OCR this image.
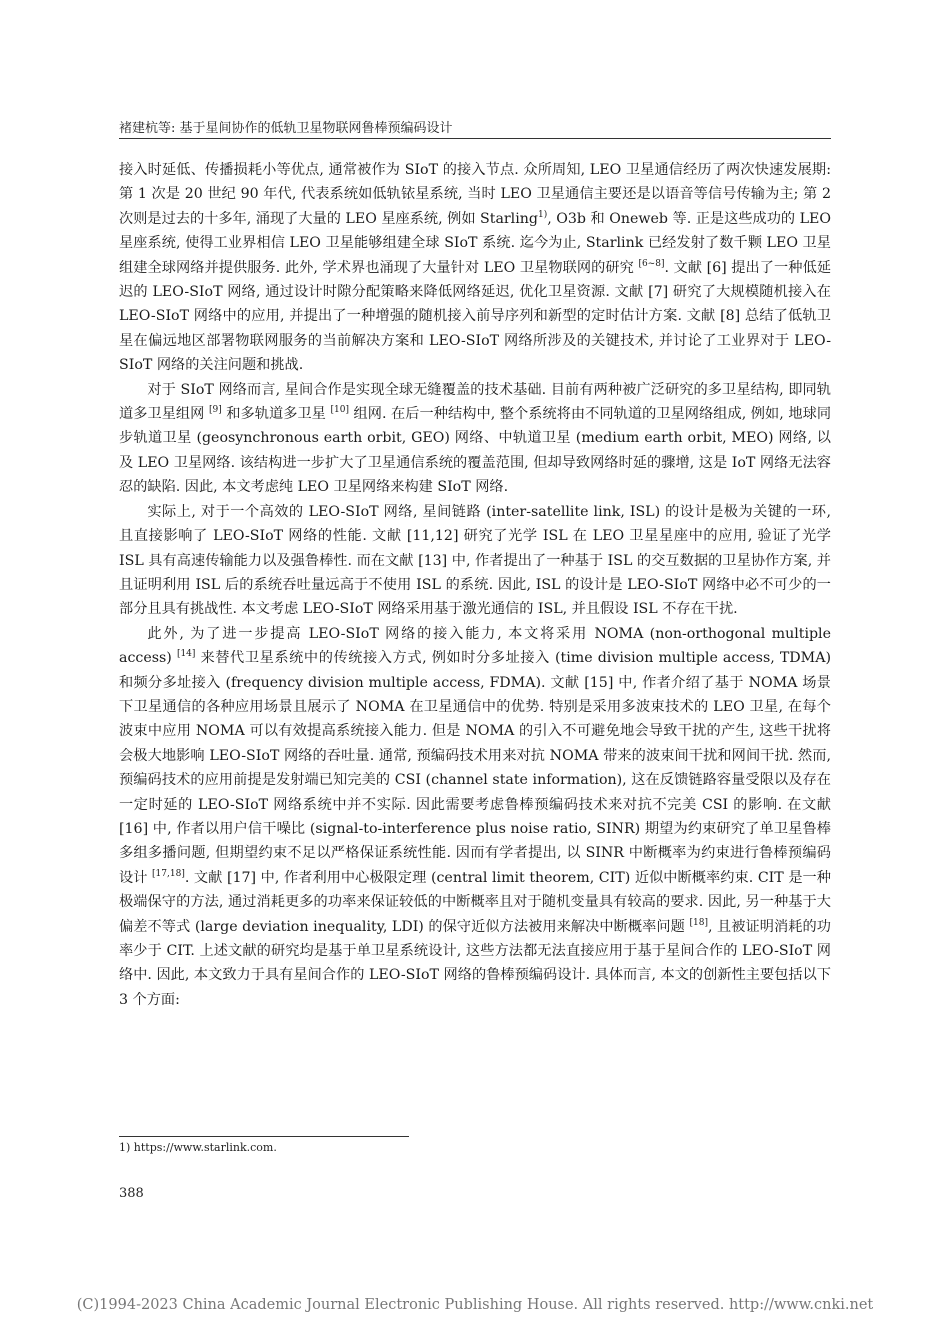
褚建杭等: 基于星间协作的低轨卫星物联网鲁棒预编码设计

接入时延低、传播损耗小等优点, 通常被作为 SIoT 的接入节点. 众所周知, LEO 卫星通信经历了两次快速发展期: 第 1 次是 20 世纪 90 年代, 代表系统如低轨铱星系统, 当时 LEO 卫星通信主要还是以语音等信号传输为主; 第 2 次则是过去的十多年, 涌现了大量的 LEO 星座系统, 例如 Starling$^{1)}$, O3b 和 Oneweb 等. 正是这些成功的 LEO 星座系统, 使得工业界相信 LEO 卫星能够组建全球 SIoT 系统. 迄今为止, Starlink 已经发射了数千颗 LEO 卫星组建全球网络并提供服务. 此外, 学术界也涌现了大量针对 LEO 卫星物联网的研究 [6~8]. 文献 [6] 提出了一种低延迟的 LEO-SIoT 网络, 通过设计时隙分配策略来降低网络延迟, 优化卫星资源. 文献 [7] 研究了大规模随机接入在 LEO-SIoT 网络中的应用, 并提出了一种增强的随机接入前导序列和新型的定时估计方案. 文献 [8] 总结了低轨卫星在偏远地区部署物联网服务的当前解决方案和 LEO-SIoT 网络所涉及的关键技术, 并讨论了工业界对于 LEO-SIoT 网络的关注问题和挑战.

对于 SIoT 网络而言, 星间合作是实现全球无缝覆盖的技术基础. 目前有两种被广泛研究的多卫星结构, 即同轨道多卫星组网 [9] 和多轨道多卫星 [10] 组网. 在后一种结构中, 整个系统将由不同轨道的卫星网络组成, 例如, 地球同步轨道卫星 (geosynchronous earth orbit, GEO) 网络、中轨道卫星 (medium earth orbit, MEO) 网络, 以及 LEO 卫星网络. 该结构进一步扩大了卫星通信系统的覆盖范围, 但却导致网络时延的骤增, 这是 IoT 网络无法容忍的缺陷. 因此, 本文考虑纯 LEO 卫星网络来构建 SIoT 网络.

实际上, 对于一个高效的 LEO-SIoT 网络, 星间链路 (inter-satellite link, ISL) 的设计是极为关键的一环, 且直接影响了 LEO-SIoT 网络的性能. 文献 [11,12] 研究了光学 ISL 在 LEO 卫星星座中的应用, 验证了光学 ISL 具有高速传输能力以及强鲁棒性. 而在文献 [13] 中, 作者提出了一种基于 ISL 的交互数据的卫星协作方案, 并且证明利用 ISL 后的系统吞吐量远高于不使用 ISL 的系统. 因此, ISL 的设计是 LEO-SIoT 网络中必不可少的一部分且具有挑战性. 本文考虑 LEO-SIoT 网络采用基于激光通信的 ISL, 并且假设 ISL 不存在干扰.

此外, 为了进一步提高 LEO-SIoT 网络的接入能力, 本文将采用 NOMA (non-orthogonal multiple access) [14] 来替代卫星系统中的传统接入方式, 例如时分多址接入 (time division multiple access, TDMA) 和频分多址接入 (frequency division multiple access, FDMA). 文献 [15] 中, 作者介绍了基于 NOMA 场景下卫星通信的各种应用场景且展示了 NOMA 在卫星通信中的优势. 特别是采用多波束技术的 LEO 卫星, 在每个波束中应用 NOMA 可以有效提高系统接入能力. 但是 NOMA 的引入不可避免地会导致干扰的产生, 这些干扰将会极大地影响 LEO-SIoT 网络的吞吐量. 通常, 预编码技术用来对抗 NOMA 带来的波束间干扰和网间干扰. 然而, 预编码技术的应用前提是发射端已知完美的 CSI (channel state information), 这在反馈链路容量受限以及存在一定时延的 LEO-SIoT 网络系统中并不实际. 因此需要考虑鲁棒预编码技术来对抗不完美 CSI 的影响. 在文献 [16] 中, 作者以用户信干噪比 (signal-to-interference plus noise ratio, SINR) 期望为约束研究了单卫星鲁棒多组多播问题, 但期望约束不足以严格保证系统性能. 因而有学者提出, 以 SINR 中断概率为约束进行鲁棒预编码设计 [17,18]. 文献 [17] 中, 作者利用中心极限定理 (central limit theorem, CIT) 近似中断概率约束. CIT 是一种极端保守的方法, 通过消耗更多的功率来保证较低的中断概率且对于随机变量具有较高的要求. 因此, 另一种基于大偏差不等式 (large deviation inequality, LDI) 的保守近似方法被用来解决中断概率问题 [18], 且被证明消耗的功率少于 CIT. 上述文献的研究均是基于单卫星系统设计, 这些方法都无法直接应用于基于星间合作的 LEO-SIoT 网络中. 因此, 本文致力于具有星间合作的 LEO-SIoT 网络的鲁棒预编码设计. 具体而言, 本文的创新性主要包括以下 3 个方面:

1) https://www.starlink.com.
388
(C)1994-2023 China Academic Journal Electronic Publishing House. All rights reserved. http://www.cnki.net
